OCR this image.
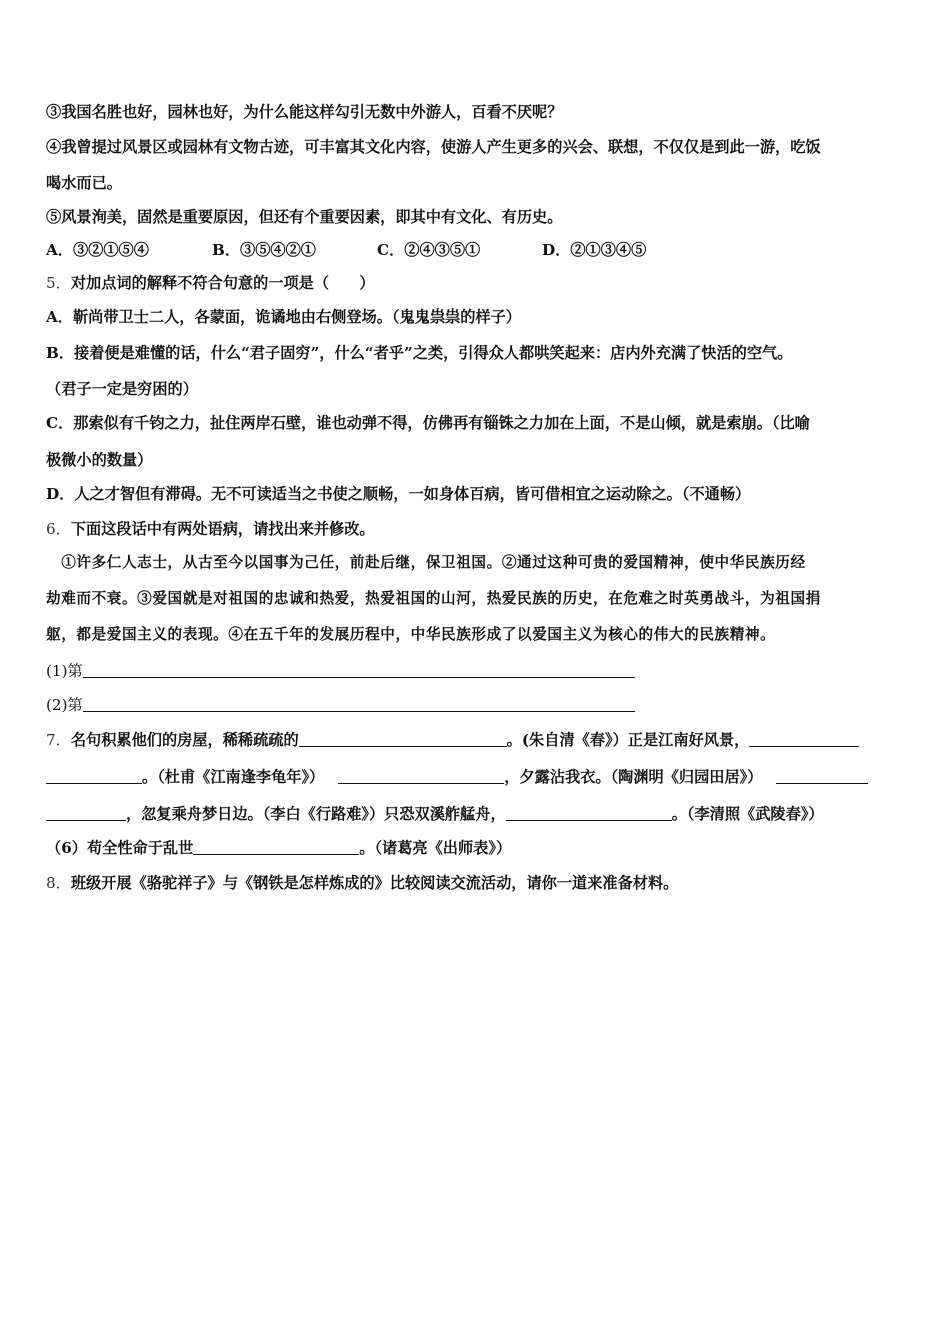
③我国名胜也好，园林也好，为什么能这样勾引无数中外游人，百看不厌呢？
④我曾提过风景区或园林有文物古迹，可丰富其文化内容，使游人产生更多的兴会、联想，不仅仅是到此一游，吃饭
喝水而已。
⑤风景洵美，固然是重要原因，但还有个重要因素，即其中有文化、有历史。
A．③②①⑤④	B．③⑤④②①	C．②④③⑤①	D．②①③④⑤
5．对加点词的解释不符合句意的一项是（　　）
A．靳尚带卫士二人，各蒙面，诡谲地由右侧登场。（鬼鬼祟祟的样子）
B．接着便是难懂的话，什么“君子固穷”，什么“者乎”之类，引得众人都哄笑起来：店内外充满了快活的空气。
（君子一定是穷困的）
C．那索似有千钧之力，扯住两岸石壁，谁也动弹不得，仿佛再有锱铢之力加在上面，不是山倾，就是索崩。（比喻
极微小的数量）
D．人之才智但有滞碍。无不可读适当之书使之顺畅，一如身体百病，皆可借相宜之运动除之。（不通畅）
6．下面这段话中有两处语病，请找出来并修改。
　①许多仁人志士，从古至今以国事为己任，前赴后继，保卫祖国。②通过这种可贵的爱国精神，使中华民族历经
劫难而不衰。③爱国就是对祖国的忠诚和热爱，热爱祖国的山河，热爱民族的历史，在危难之时英勇战斗，为祖国捐
躯，都是爱国主义的表现。④在五千年的发展历程中，中华民族形成了以爱国主义为核心的伟大的民族精神。
(1)第
(2)第
7．名句积累他们的房屋，稀稀疏疏的	。(朱自清《春》）正是江南好风景，
。（杜甫《江南逢李龟年》）	，夕露沾我衣。（陶渊明《归园田居》）
，忽复乘舟梦日边。（李白《行路难》）只恐双溪舴艋舟，	。（李清照《武陵春》）
（6）苟全性命于乱世	。（诸葛亮《出师表》）
8．班级开展《骆驼祥子》与《钢铁是怎样炼成的》比较阅读交流活动，请你一道来准备材料。
